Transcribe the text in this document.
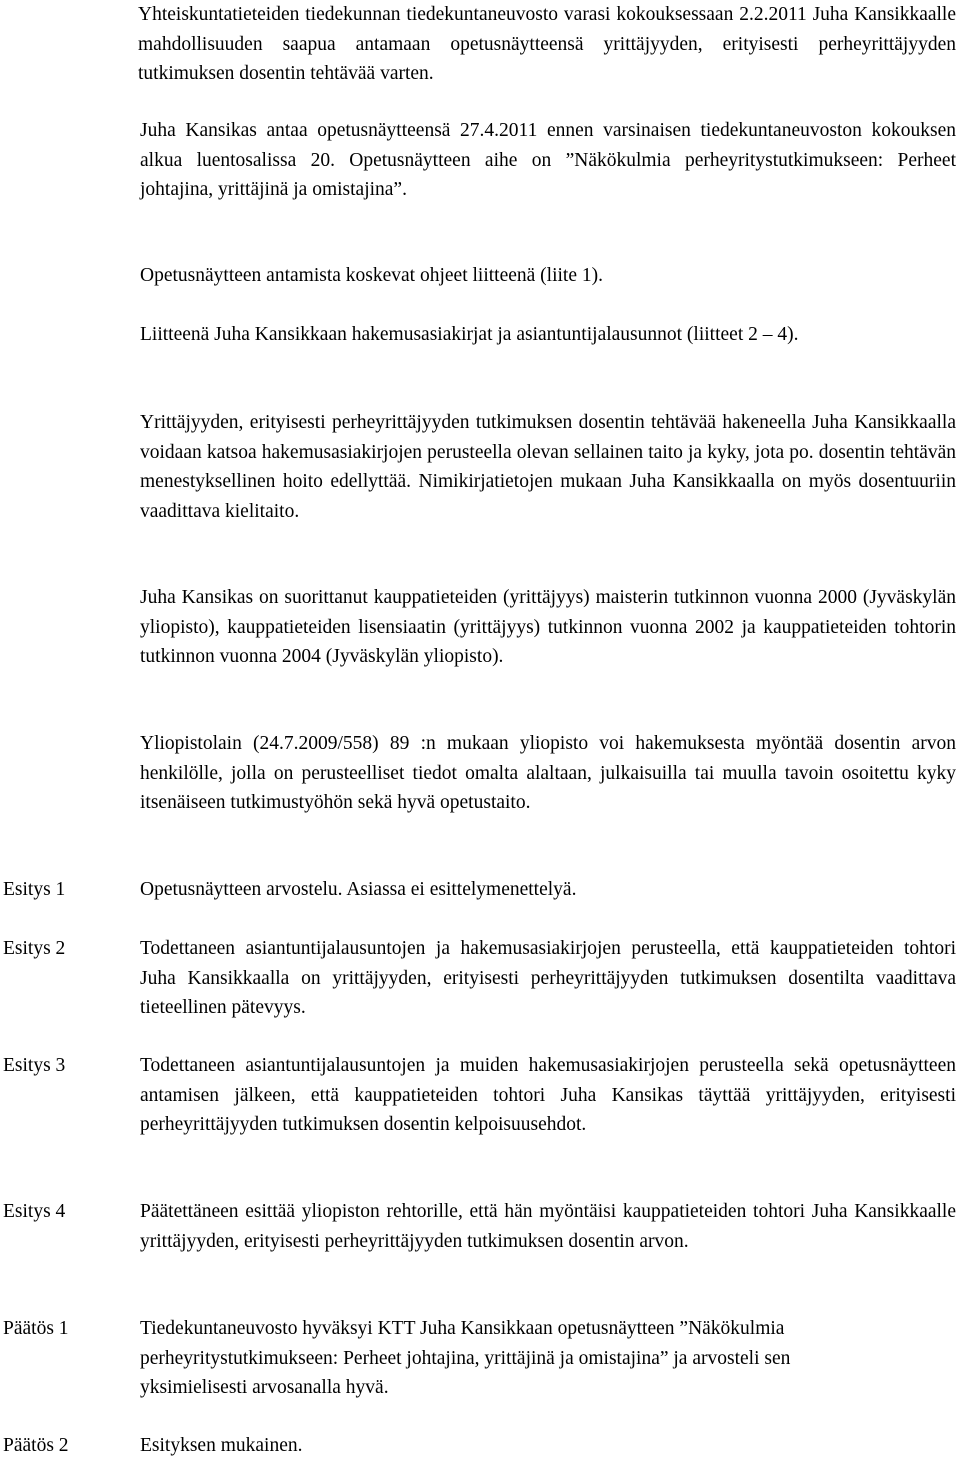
Yhteiskuntatieteiden tiedekunnan tiedekuntaneuvosto varasi kokouksessaan 2.2.2011 Juha Kansikkaalle mahdollisuuden saapua antamaan opetusnäytteensä yrittäjyyden, erityisesti perheyrittäjyyden tutkimuksen dosentin tehtävää varten.

Juha Kansikas antaa opetusnäytteensä 27.4.2011 ennen varsinaisen tiedekuntaneuvoston kokouksen alkua luentosalissa 20. Opetusnäytteen aihe on ”Näkökulmia perheyritystutkimukseen: Perheet johtajina, yrittäjinä ja omistajina”.

Opetusnäytteen antamista koskevat ohjeet liitteenä (liite 1).

Liitteenä Juha Kansikkaan hakemusasiakirjat ja asiantuntijalausunnot (liitteet 2 – 4).

Yrittäjyyden, erityisesti perheyrittäjyyden tutkimuksen dosentin tehtävää hakeneella Juha Kansikkaalla voidaan katsoa hakemusasiakirjojen perusteella olevan sellainen taito ja kyky, jota po. dosentin tehtävän menestyksellinen hoito edellyttää. Nimikirjatietojen mukaan Juha Kansikkaalla on myös dosentuuriin vaadittava kielitaito.

Juha Kansikas on suorittanut kauppatieteiden (yrittäjyys) maisterin tutkinnon vuonna 2000 (Jyväskylän yliopisto), kauppatieteiden lisensiaatin (yrittäjyys) tutkinnon vuonna 2002 ja kauppatieteiden tohtorin tutkinnon vuonna 2004 (Jyväskylän yliopisto).

Yliopistolain (24.7.2009/558) 89 :n mukaan yliopisto voi hakemuksesta myöntää dosentin arvon henkilölle, jolla on perusteelliset tiedot omalta alaltaan, julkaisuilla tai muulla tavoin osoitettu kyky itsenäiseen tutkimustyöhön sekä hyvä opetustaito.

Esitys 1	Opetusnäytteen arvostelu. Asiassa ei esittelymenettelyä.

Esitys 2	Todettaneen asiantuntijalausuntojen ja hakemusasiakirjojen perusteella, että kauppatieteiden tohtori Juha Kansikkaalla on yrittäjyyden, erityisesti perheyrittäjyyden tutkimuksen dosentilta vaadittava tieteellinen pätevyys.

Esitys 3	Todettaneen asiantuntijalausuntojen ja muiden hakemusasiakirjojen perusteella sekä opetusnäytteen antamisen jälkeen, että kauppatieteiden tohtori Juha Kansikas täyttää yrittäjyyden, erityisesti perheyrittäjyyden tutkimuksen dosentin kelpoisuusehdot.

Esitys 4	Päätettäneen esittää yliopiston rehtorille, että hän myöntäisi kauppatieteiden tohtori Juha Kansikkaalle yrittäjyyden, erityisesti perheyrittäjyyden tutkimuksen dosentin arvon.

Päätös 1	Tiedekuntaneuvosto hyväksyi KTT Juha Kansikkaan opetusnäytteen ”Näkökulmia perheyritystutkimukseen: Perheet johtajina, yrittäjinä ja omistajina” ja arvosteli sen yksimielisesti arvosanalla hyvä.

Päätös 2	Esityksen mukainen.
